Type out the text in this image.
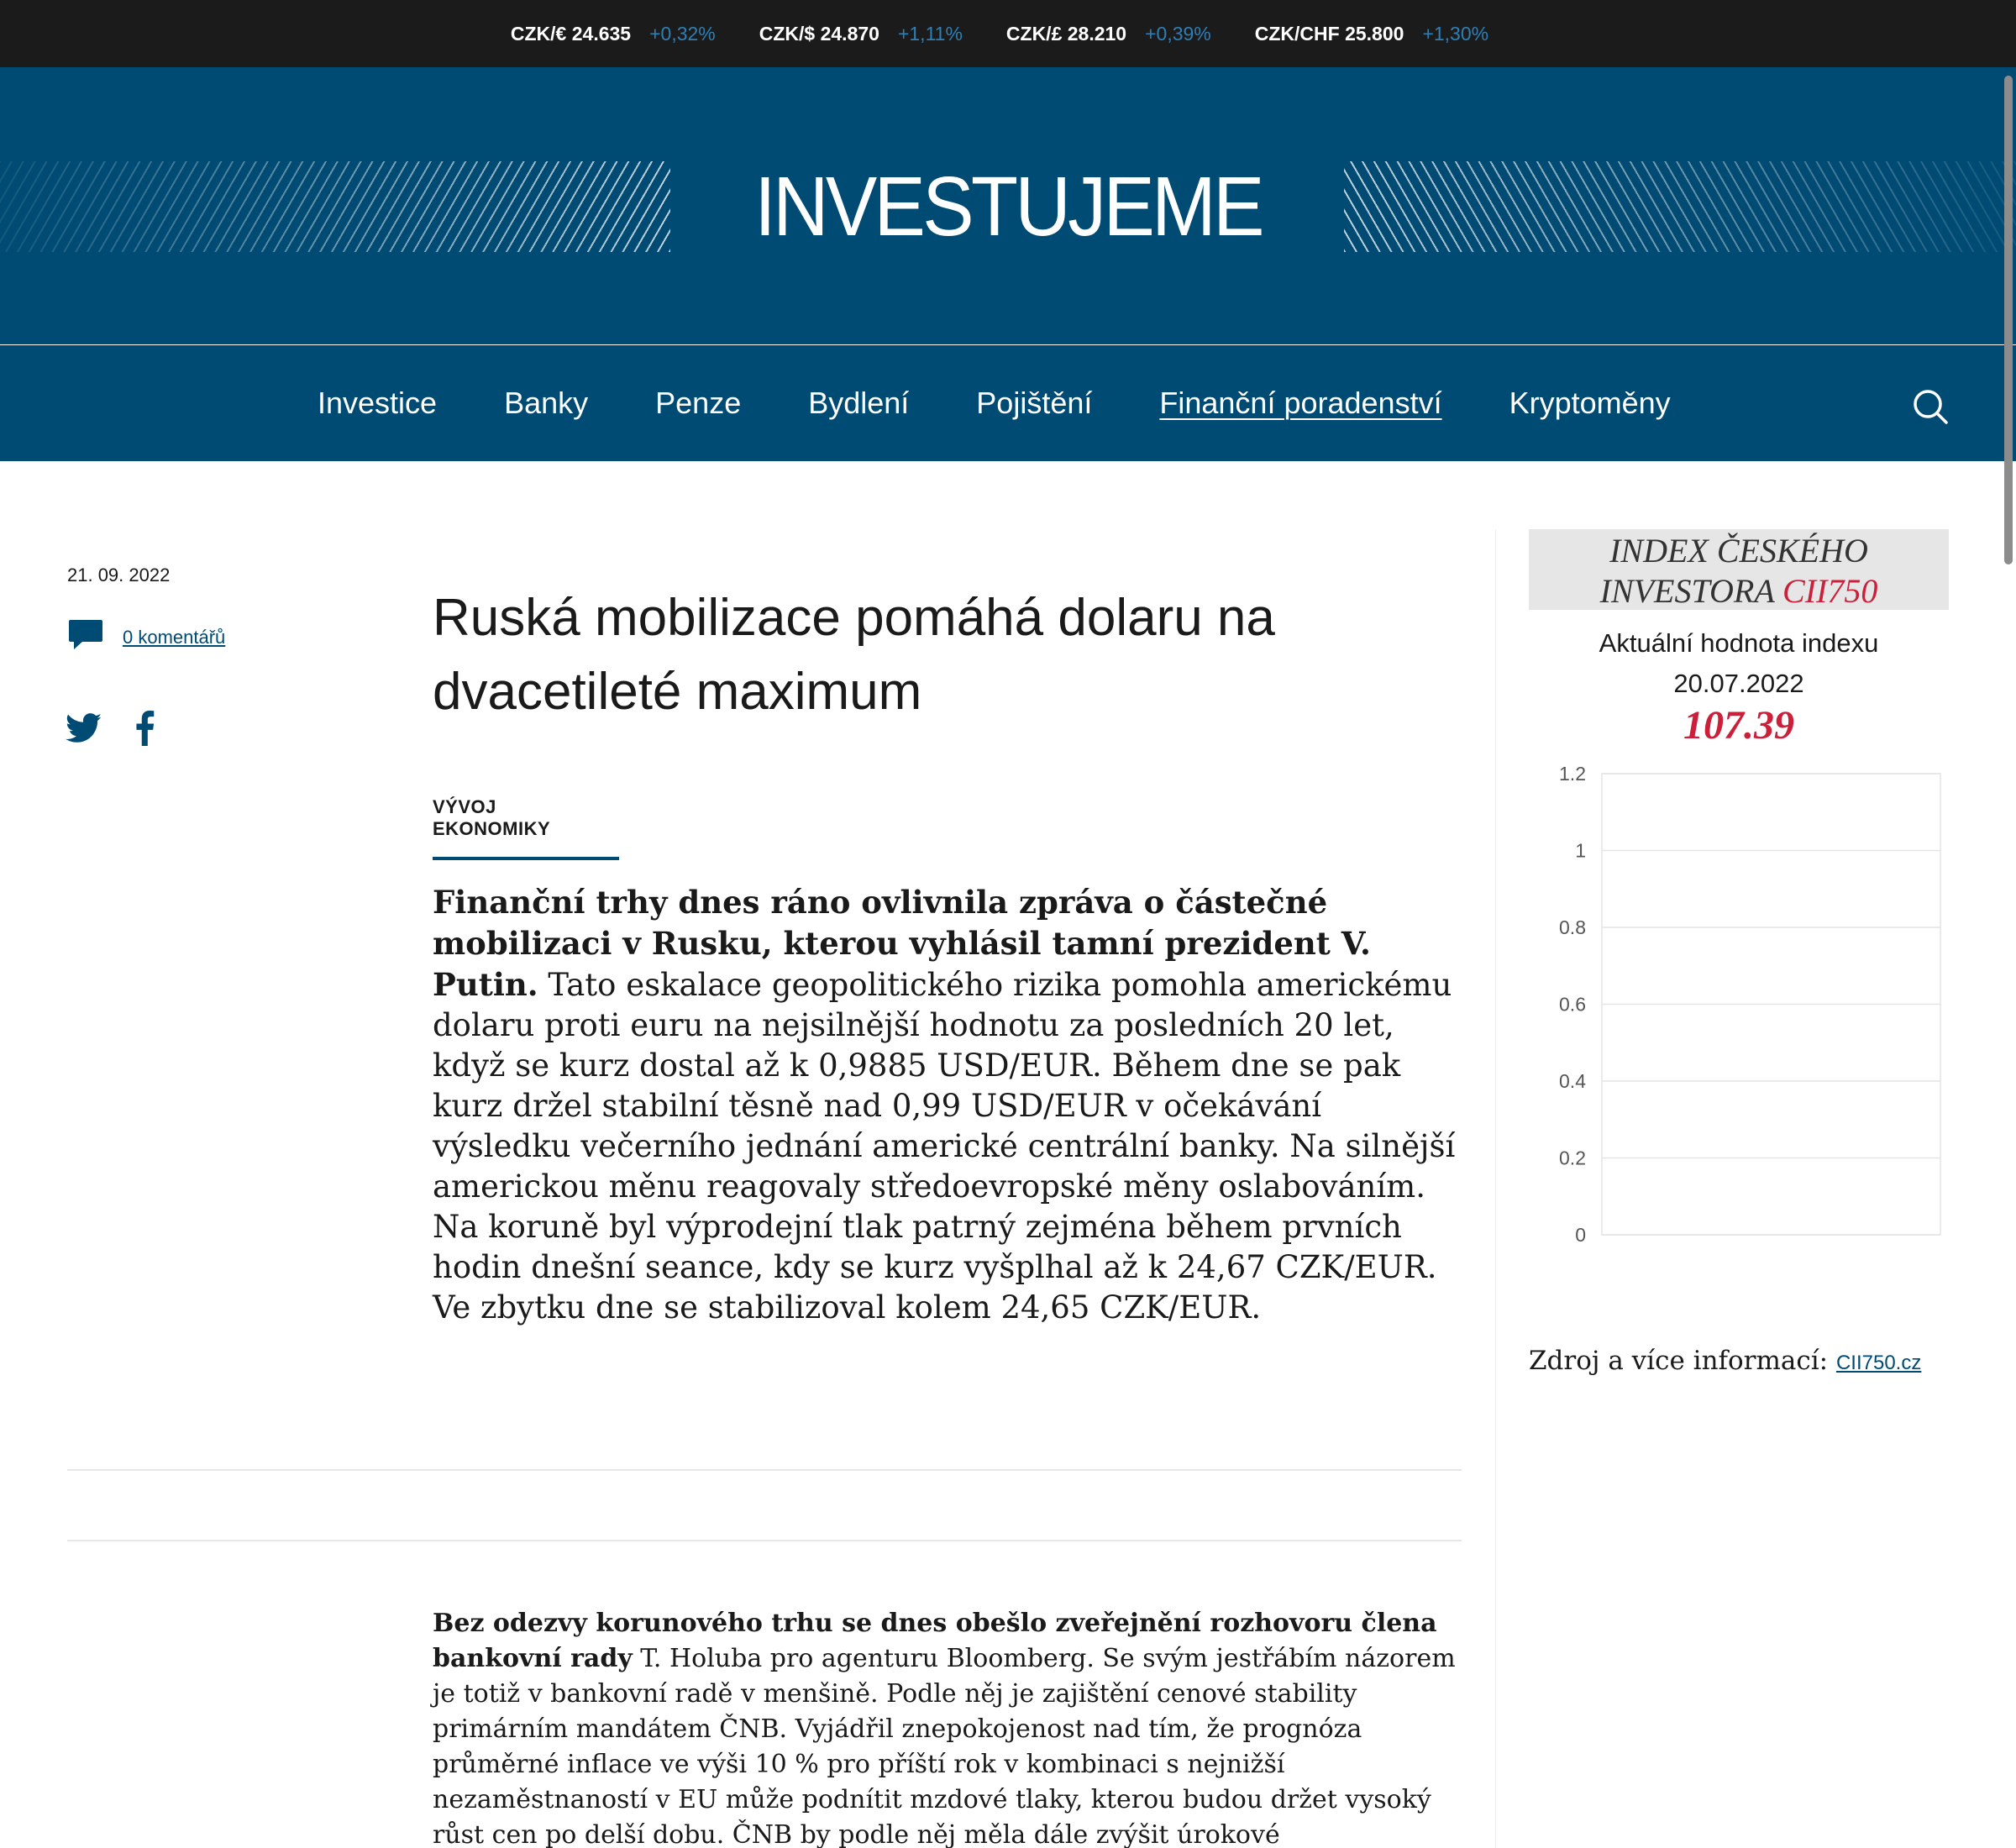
CZK/€ 24.635 +0,32% CZK/$ 24.870 +1,11% CZK/£ 28.210 +0,39% CZK/CHF 25.800 +1,30%
INVESTUJEME
Investice Banky Penze Bydlení Pojištění Finanční poradenství Kryptoměny
21. 09. 2022
0 komentářů	Ruská mobilizace pomáhá dolaru na dvacetileté maximum
VÝVOJ EKONOMIKY

Finanční trhy dnes ráno ovlivnila zpráva o částečné mobilizaci v Rusku, kterou vyhlásil tamní prezident V. Putin. Tato eskalace geopolitického rizika pomohla americkému dolaru proti euru na nejsilnější hodnotu za posledních 20 let, když se kurz dostal až k 0,9885 USD/EUR. Během dne se pak kurz držel stabilní těsně nad 0,99 USD/EUR v očekávání výsledku večerního jednání americké centrální banky. Na silnější americkou měnu reagovaly středoevropské měny oslabováním. Na koruně byl výprodejní tlak patrný zejména během prvních hodin dnešní seance, kdy se kurz vyšplhal až k 24,67 CZK/EUR. Ve zbytku dne se stabilizoval kolem 24,65 CZK/EUR.

Bez odezvy korunového trhu se dnes obešlo zveřejnění rozhovoru člena bankovní rady T. Holuba pro agenturu Bloomberg. Se svým jestřábím názorem je totiž v bankovní radě v menšině. Podle něj je zajištění cenové stability primárním mandátem ČNB. Vyjádřil znepokojenost nad tím, že prognóza průměrné inflace ve výši 10 % pro příští rok v kombinaci s nejnižší nezaměstnaností v EU může podnítit mzdové tlaky, kterou budou držet vysoký růst cen po delší dobu. ČNB by podle něj měla dále zvýšit úrokové

INDEX ČESKÉHO
INVESTORA CII750
Aktuální hodnota indexu
20.07.2022
107.39
1.2
1
0.8
0.6
0.4
0.2
0
Zdroj a více informací: CII750.cz
